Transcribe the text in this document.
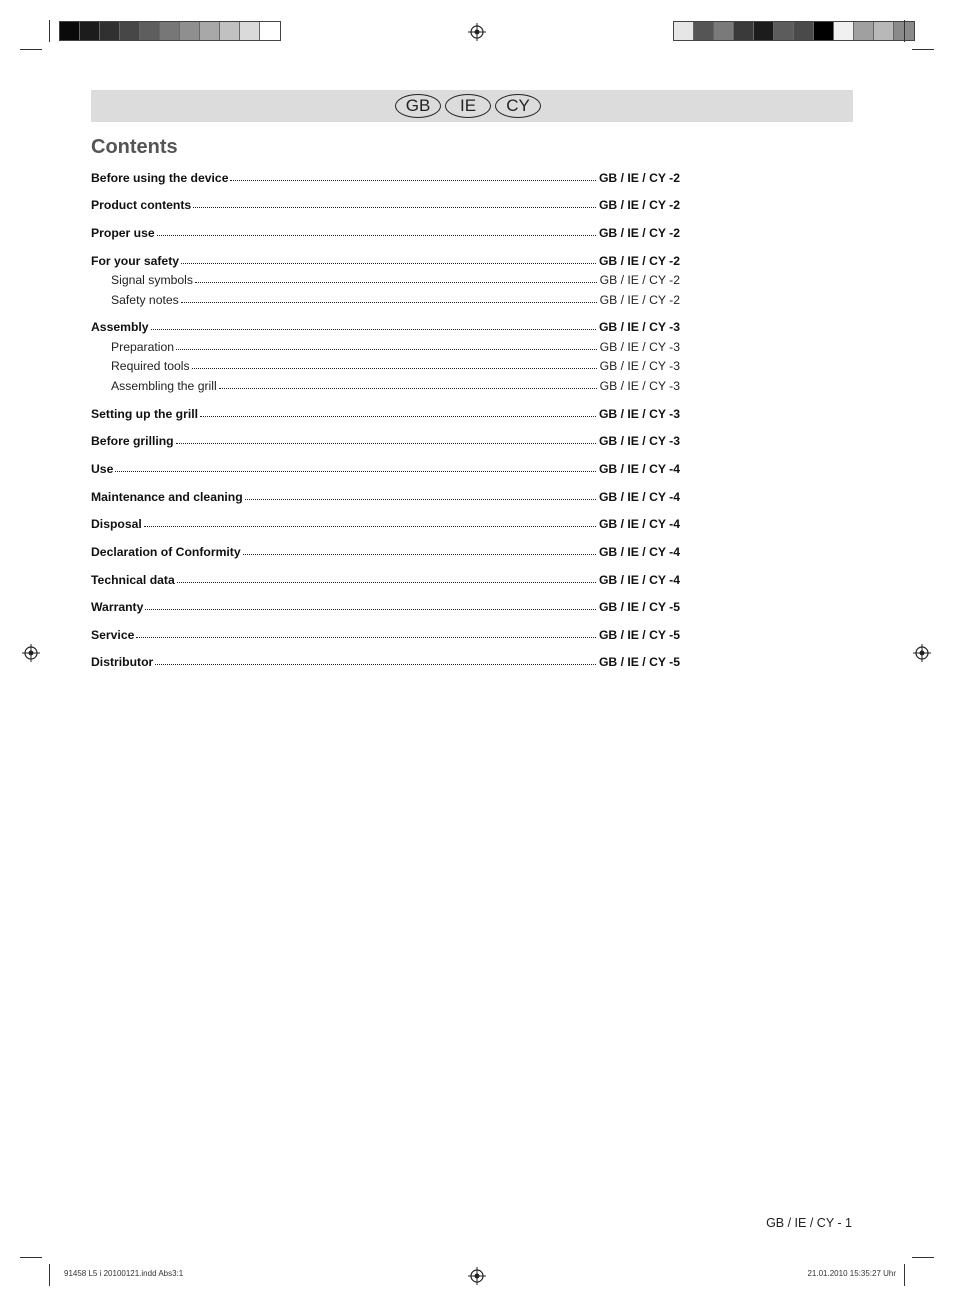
GB	IE	CY
Contents
Before using the device	GB / IE / CY -2
Product contents	GB / IE / CY -2
Proper use	GB / IE / CY -2
For your safety	GB / IE / CY -2
Signal symbols	GB / IE / CY -2
Safety notes	GB / IE / CY -2
Assembly	GB / IE / CY -3
Preparation	GB / IE / CY -3
Required tools	GB / IE / CY -3
Assembling the grill	GB / IE / CY -3
Setting up the grill	GB / IE / CY -3
Before grilling	GB / IE / CY -3
Use	GB / IE / CY -4
Maintenance and cleaning	GB / IE / CY -4
Disposal	GB / IE / CY -4
Declaration of Conformity	GB / IE / CY -4
Technical data	GB / IE / CY -4
Warranty	GB / IE / CY -5
Service	GB / IE / CY -5
Distributor	GB / IE / CY -5
GB / IE / CY - 1
91458 L5 i 20100121.indd Abs3:1	21.01.2010 15:35:27 Uhr
